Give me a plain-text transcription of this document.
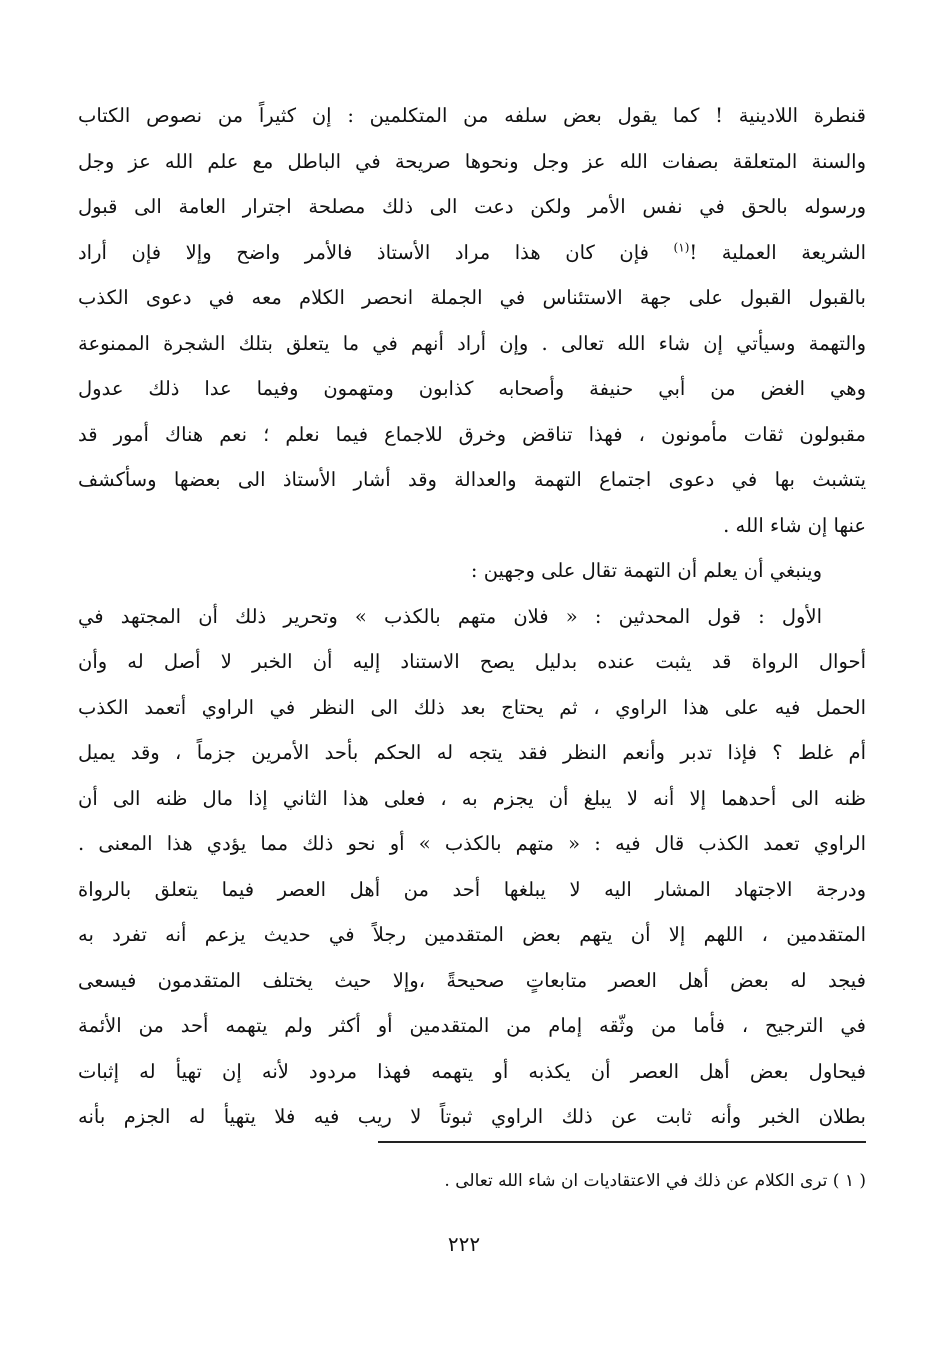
قنطرة اللادينية ! كما يقول بعض سلفه من المتكلمين : إن كثيراً من نصوص الكتاب
والسنة المتعلقة بصفات الله عز وجل ونحوها صريحة في الباطل مع علم الله عز وجل
ورسوله بالحق في نفس الأمر ولكن دعت الى ذلك مصلحة اجترار العامة الى قبول
الشريعة العملية !$^{(١)}$ فإن كان هذا مراد الأستاذ فالأمر واضح وإلا فإن أراد
بالقبول القبول على جهة الاستئناس في الجملة انحصر الكلام معه في دعوى الكذب
والتهمة وسيأتي إن شاء الله تعالى . وإن أراد أنهم في ما يتعلق بتلك الشجرة الممنوعة
وهي الغض من أبي حنيفة وأصحابه كذابون ومتهمون وفيما عدا ذلك عدول
مقبولون ثقات مأمونون ، فهذا تناقض وخرق للاجماع فيما نعلم ؛ نعم هناك أمور قد
يتشبث بها في دعوى اجتماع التهمة والعدالة وقد أشار الأستاذ الى بعضها وسأكشف
عنها إن شاء الله .
وينبغي أن يعلم أن التهمة تقال على وجهين :
الأول : قول المحدثين : « فلان متهم بالكذب » وتحرير ذلك أن المجتهد في
أحوال الرواة قد يثبت عنده بدليل يصح الاستناد إليه أن الخبر لا أصل له وأن
الحمل فيه على هذا الراوي ، ثم يحتاج بعد ذلك الى النظر في الراوي أتعمد الكذب
أم غلط ؟ فإذا تدبر وأنعم النظر فقد يتجه له الحكم بأحد الأمرين جزماً ، وقد يميل
ظنه الى أحدهما إلا أنه لا يبلغ أن يجزم به ، فعلى هذا الثاني إذا مال ظنه الى أن
الراوي تعمد الكذب قال فيه : « متهم بالكذب » أو نحو ذلك مما يؤدي هذا المعنى .
ودرجة الاجتهاد المشار اليه لا يبلغها أحد من أهل العصر فيما يتعلق بالرواة
المتقدمين ، اللهم إلا أن يتهم بعض المتقدمين رجلاً في حديث يزعم أنه تفرد به
فيجد له بعض أهل العصر متابعاتٍ صحيحةً ،وإلا حيث يختلف المتقدمون فيسعى
في الترجيح ، فأما من وثّقه إمام من المتقدمين أو أكثر ولم يتهمه أحد من الأئمة
فيحاول بعض أهل العصر أن يكذبه أو يتهمه فهذا مردود لأنه إن تهيأ له إثبات
بطلان الخبر وأنه ثابت عن ذلك الراوي ثبوتاً لا ريب فيه فلا يتهيأ له الجزم بأنه
( ١ ) ترى الكلام عن ذلك في الاعتقاديات ان شاء الله تعالى .
٢٢٢
